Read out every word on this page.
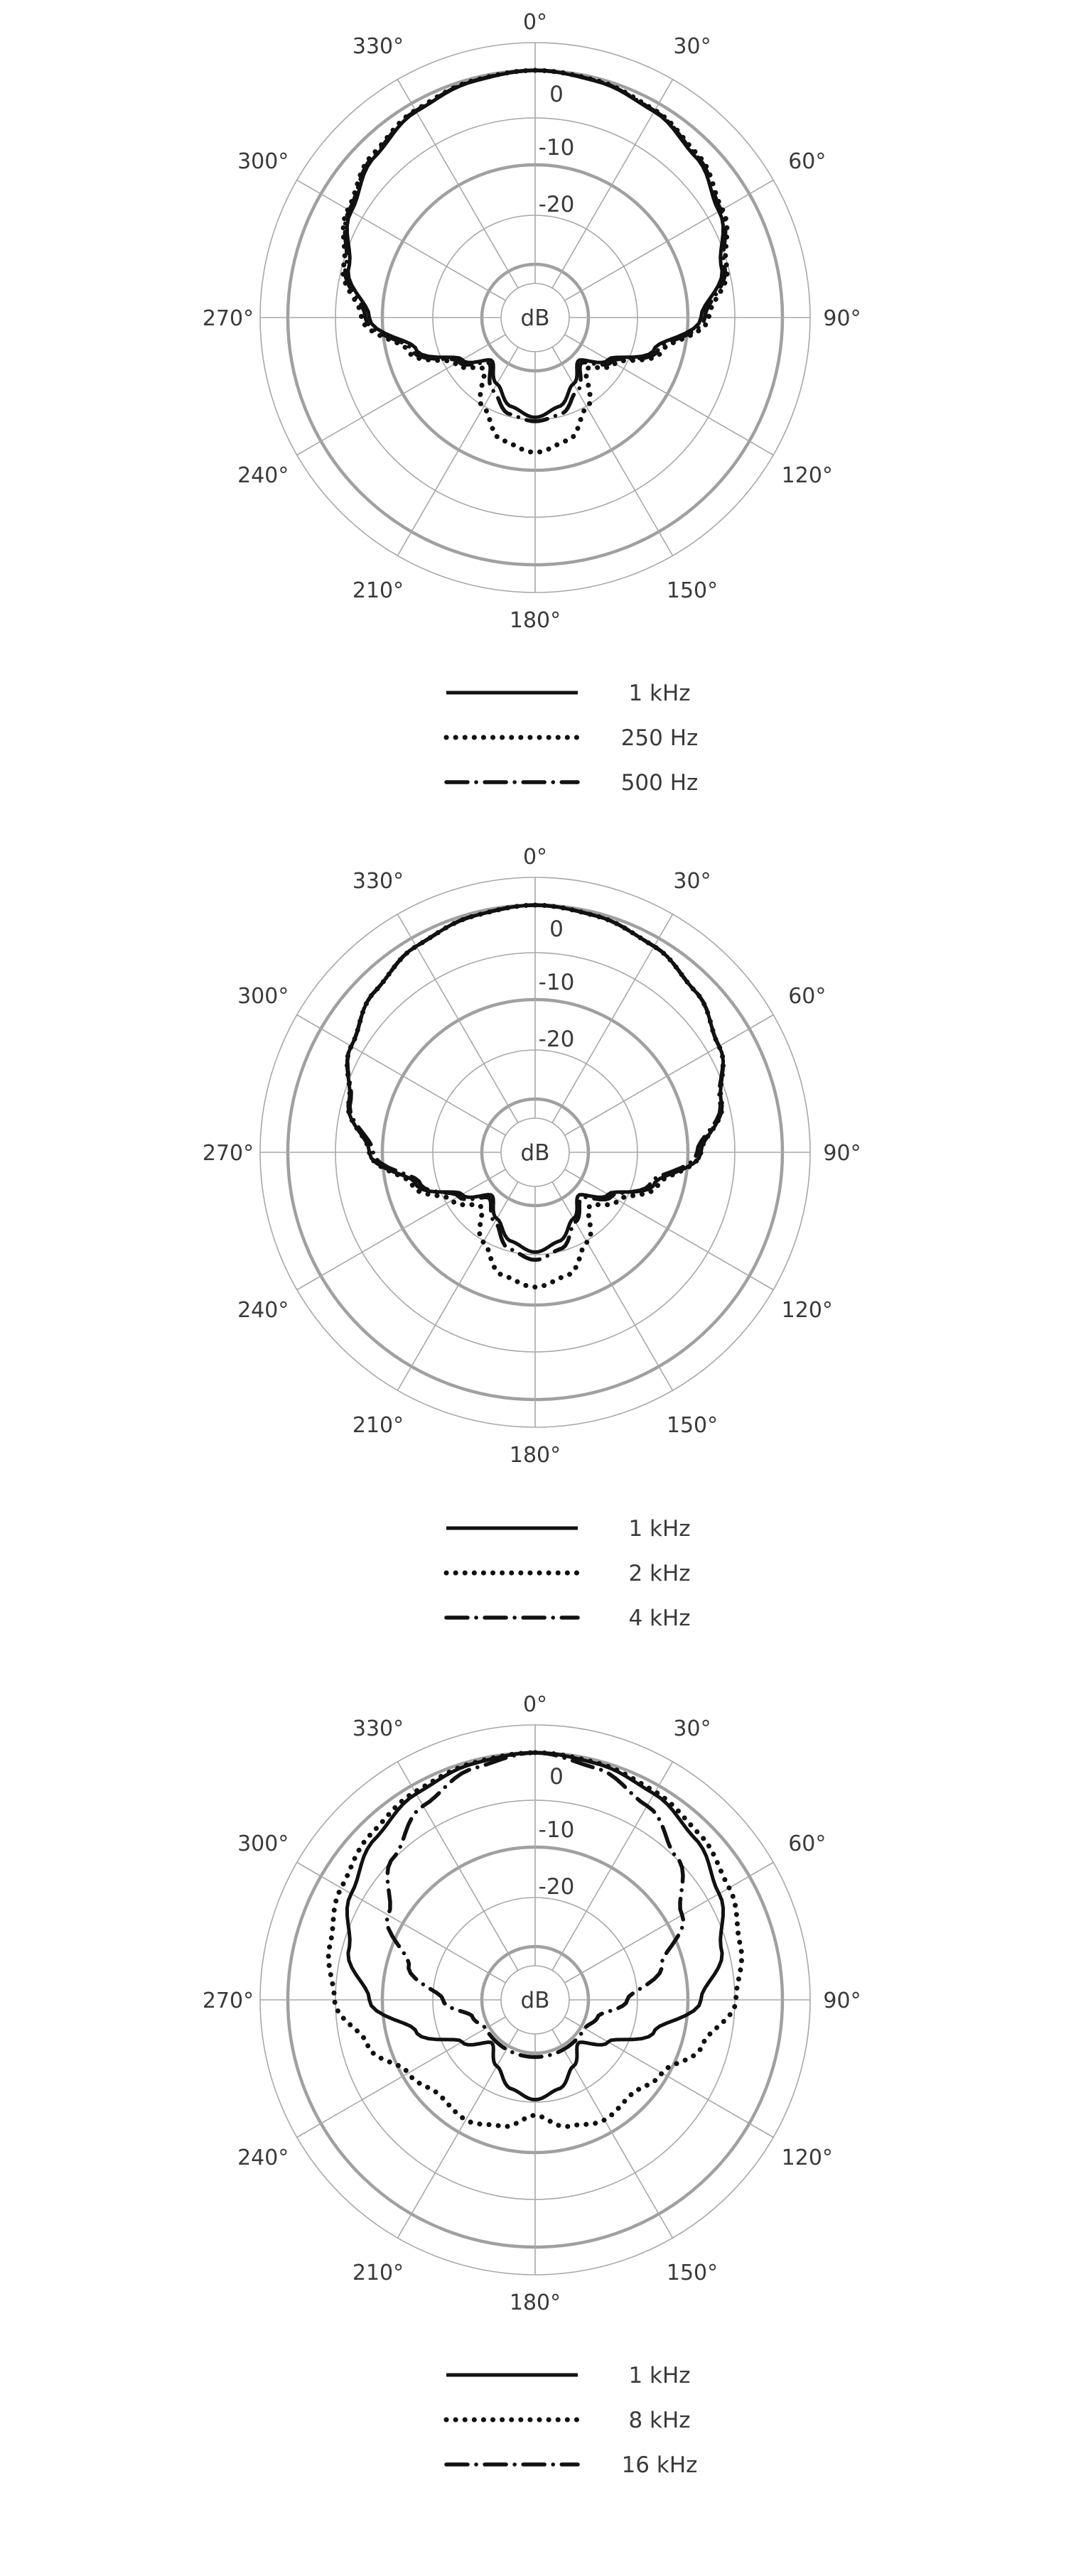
0°
30°
60°
90°
120°
150°
180°
210°
240°
270°
300°
330°
0
-10
-20
dB
1 kHz
250 Hz
500 Hz
0°
30°
60°
90°
120°
150°
180°
210°
240°
270°
300°
330°
0
-10
-20
dB
1 kHz
2 kHz
4 kHz
0°
30°
60°
90°
120°
150°
180°
210°
240°
270°
300°
330°
0
-10
-20
dB
1 kHz
8 kHz
16 kHz
